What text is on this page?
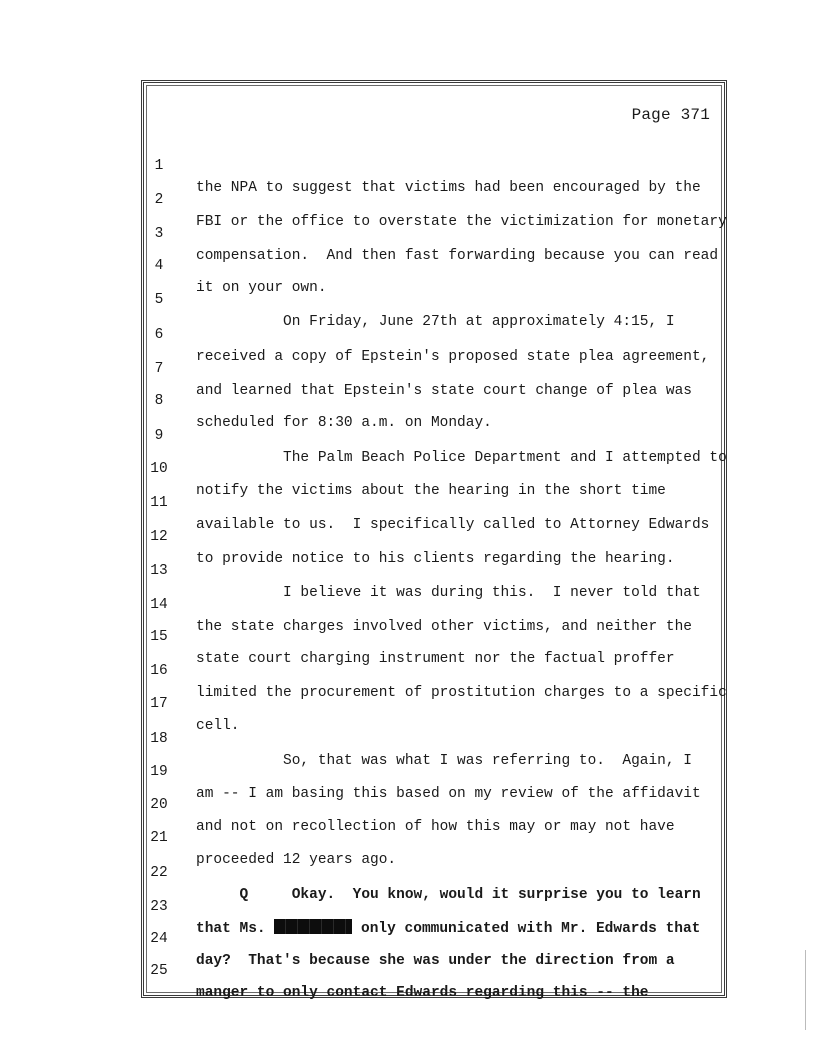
Page 371

1

the NPA to suggest that victims had been encouraged by the

2

FBI or the office to overstate the victimization for monetary

3

compensation.  And then fast forwarding because you can read

4

it on your own.

5

On Friday, June 27th at approximately 4:15, I

6

received a copy of Epstein's proposed state plea agreement,

7

and learned that Epstein's state court change of plea was

8

scheduled for 8:30 a.m. on Monday.

9

The Palm Beach Police Department and I attempted to

10

notify the victims about the hearing in the short time

11

available to us.  I specifically called to Attorney Edwards

12

to provide notice to his clients regarding the hearing.

13

I believe it was during this.  I never told that

14

the state charges involved other victims, and neither the

15

state court charging instrument nor the factual proffer

16

limited the procurement of prostitution charges to a specific

17

cell.

18

So, that was what I was referring to.  Again, I

19

am -- I am basing this based on my review of the affidavit

20

and not on recollection of how this may or may not have

21

proceeded 12 years ago.

22

Q     Okay.  You know, would it surprise you to learn

23

that Ms.	only communicated with Mr. Edwards that

24

day?  That's because she was under the direction from a

25

manger to only contact Edwards regarding this -- the
